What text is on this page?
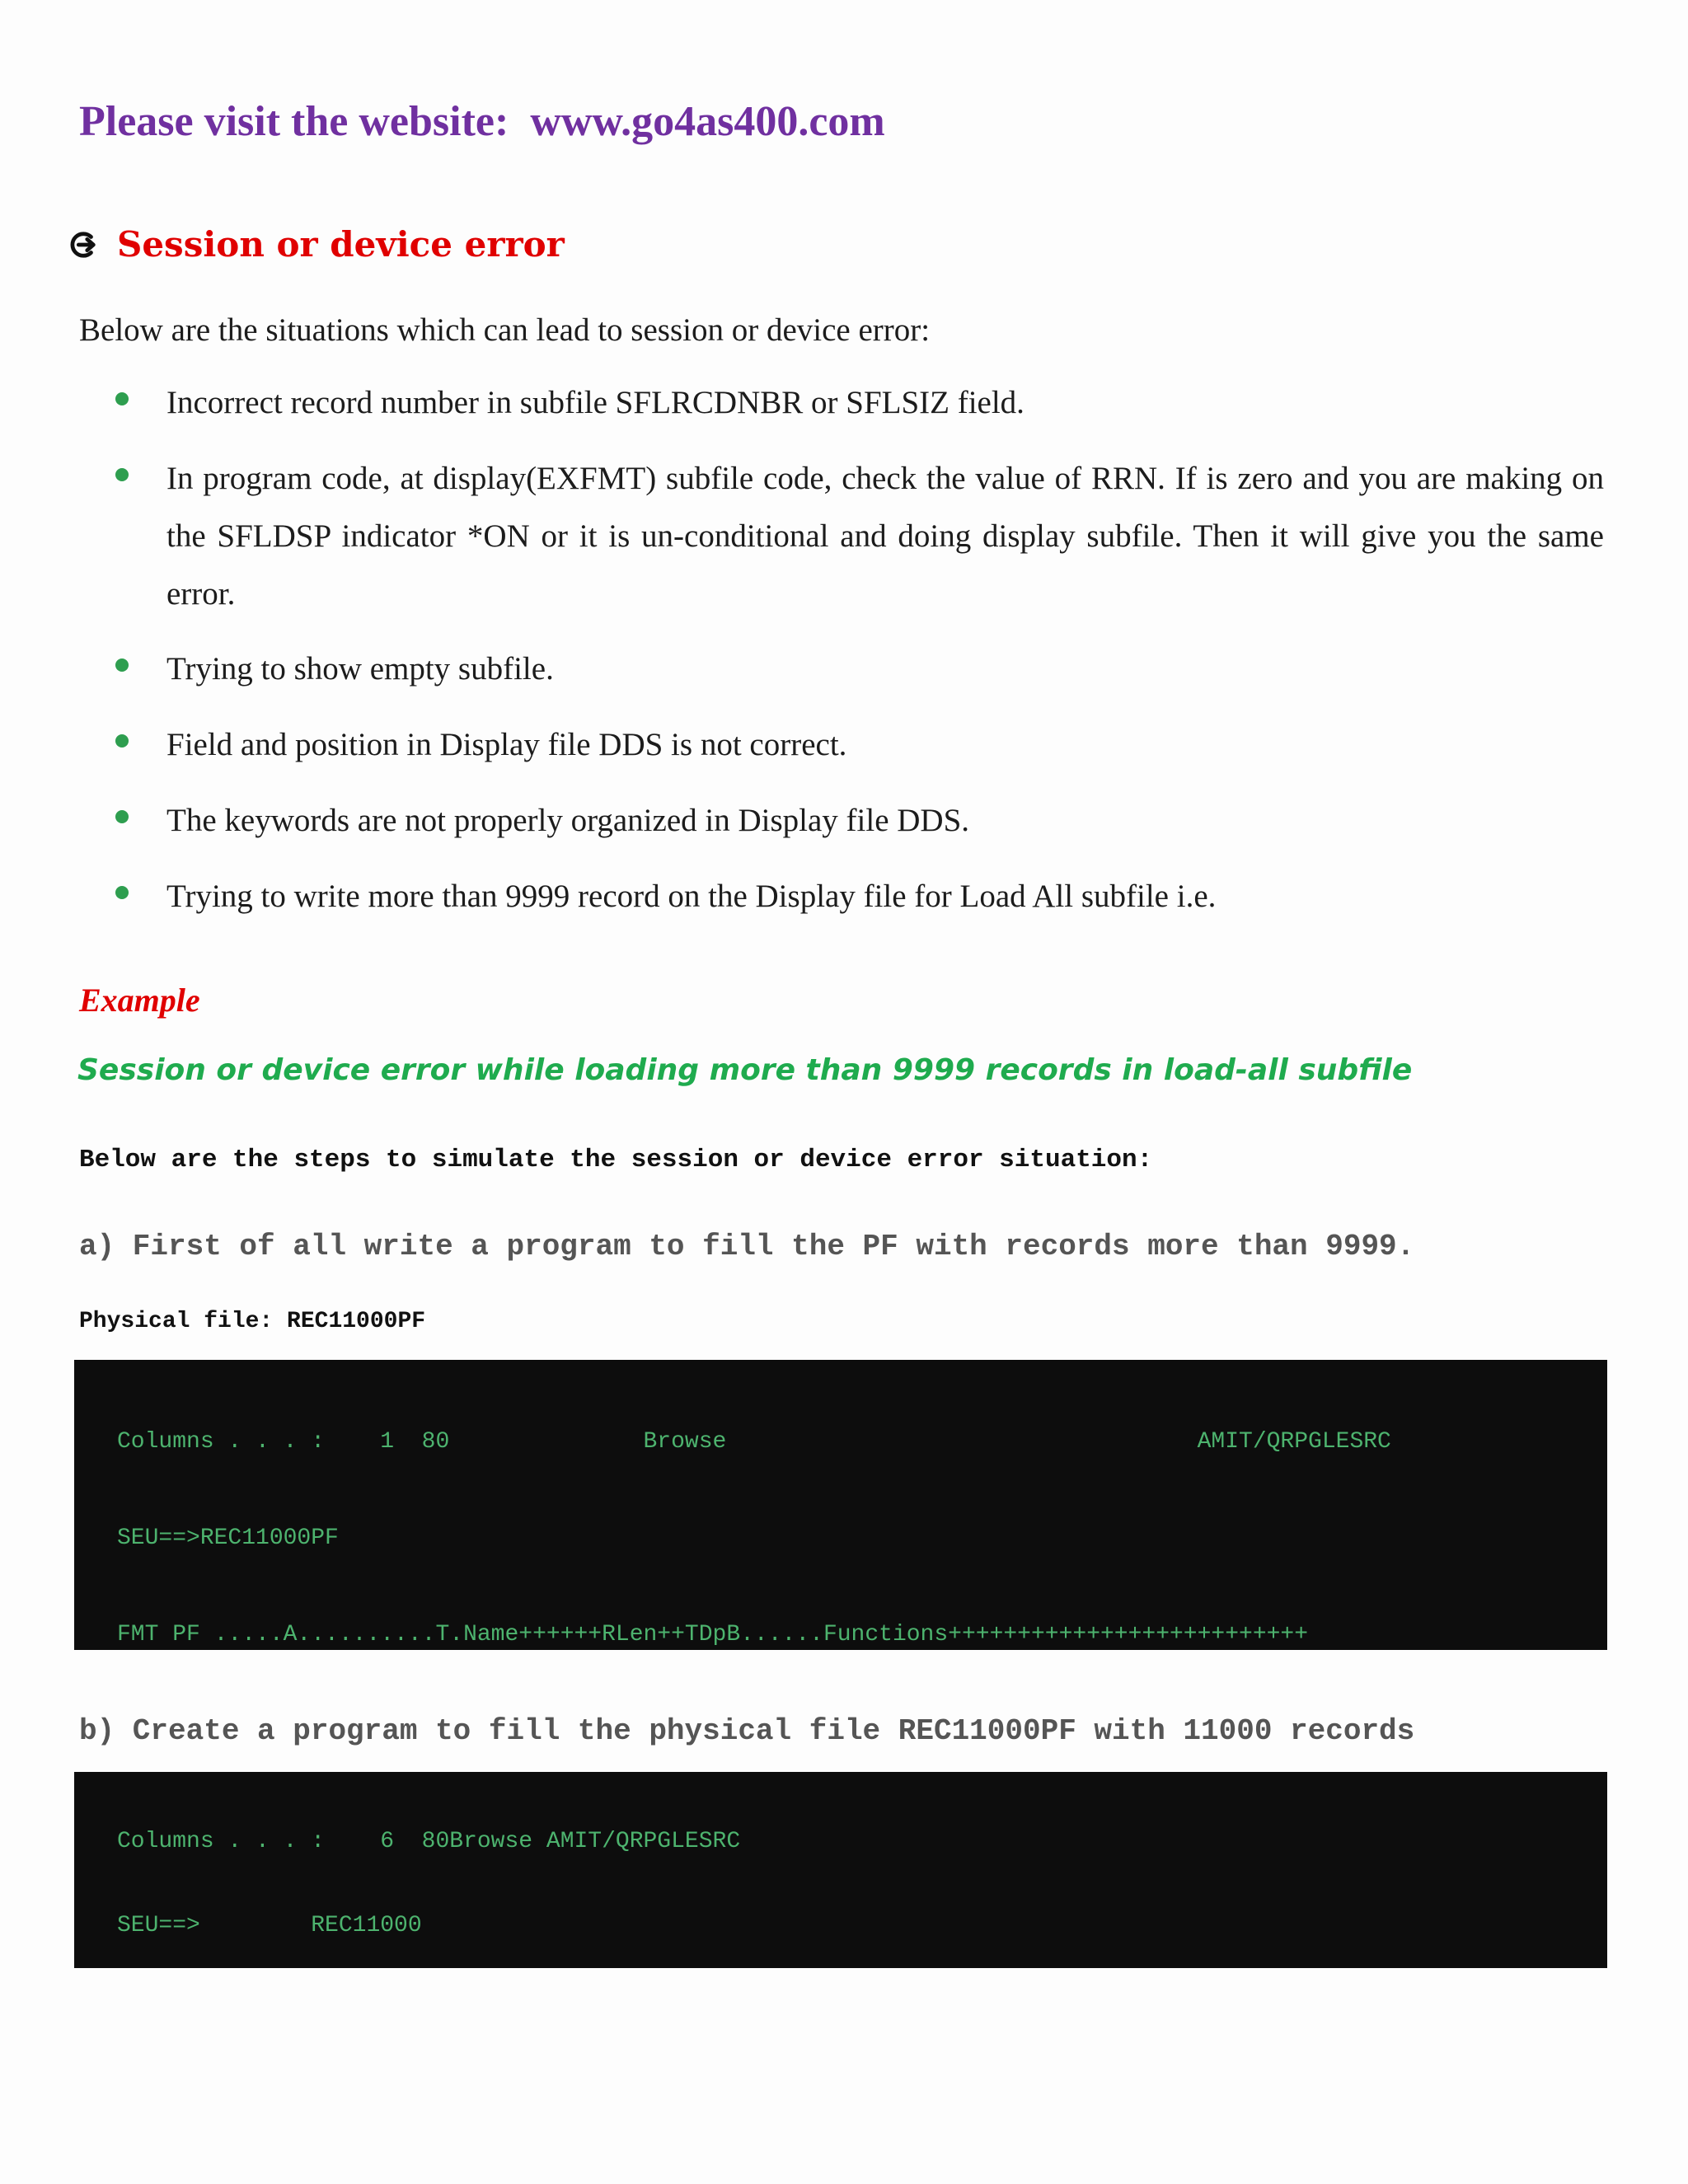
Please visit the website:  www.go4as400.com
Session or device error
Below are the situations which can lead to session or device error:
Incorrect record number in subfile SFLRCDNBR or SFLSIZ field.
In program code, at display(EXFMT) subfile code, check the value of RRN. If is zero and you are making on the SFLDSP indicator *ON or it is un-conditional and doing display subfile. Then it will give you the same error.
Trying to show empty subfile.
Field and position in Display file DDS is not correct.
The keywords are not properly organized in Display file DDS.
Trying to write more than 9999 record on the Display file for Load All subfile i.e.
Example
Session or device error while loading more than 9999 records in load-all subfile
Below are the steps to simulate the session or device error situation:
a) First of all write a program to fill the PF with records more than 9999.
Physical file: REC11000PF

Columns . . . :    1  80              Browse                                  AMIT/QRPGLESRC

SEU==>REC11000PF

FMT PF .....A..........T.Name++++++RLen++TDpB......Functions++++++++++++++++++++++++++

b) Create a program to fill the physical file REC11000PF with 11000 records

Columns . . . :    6  80Browse AMIT/QRPGLESRC

SEU==>        REC11000
